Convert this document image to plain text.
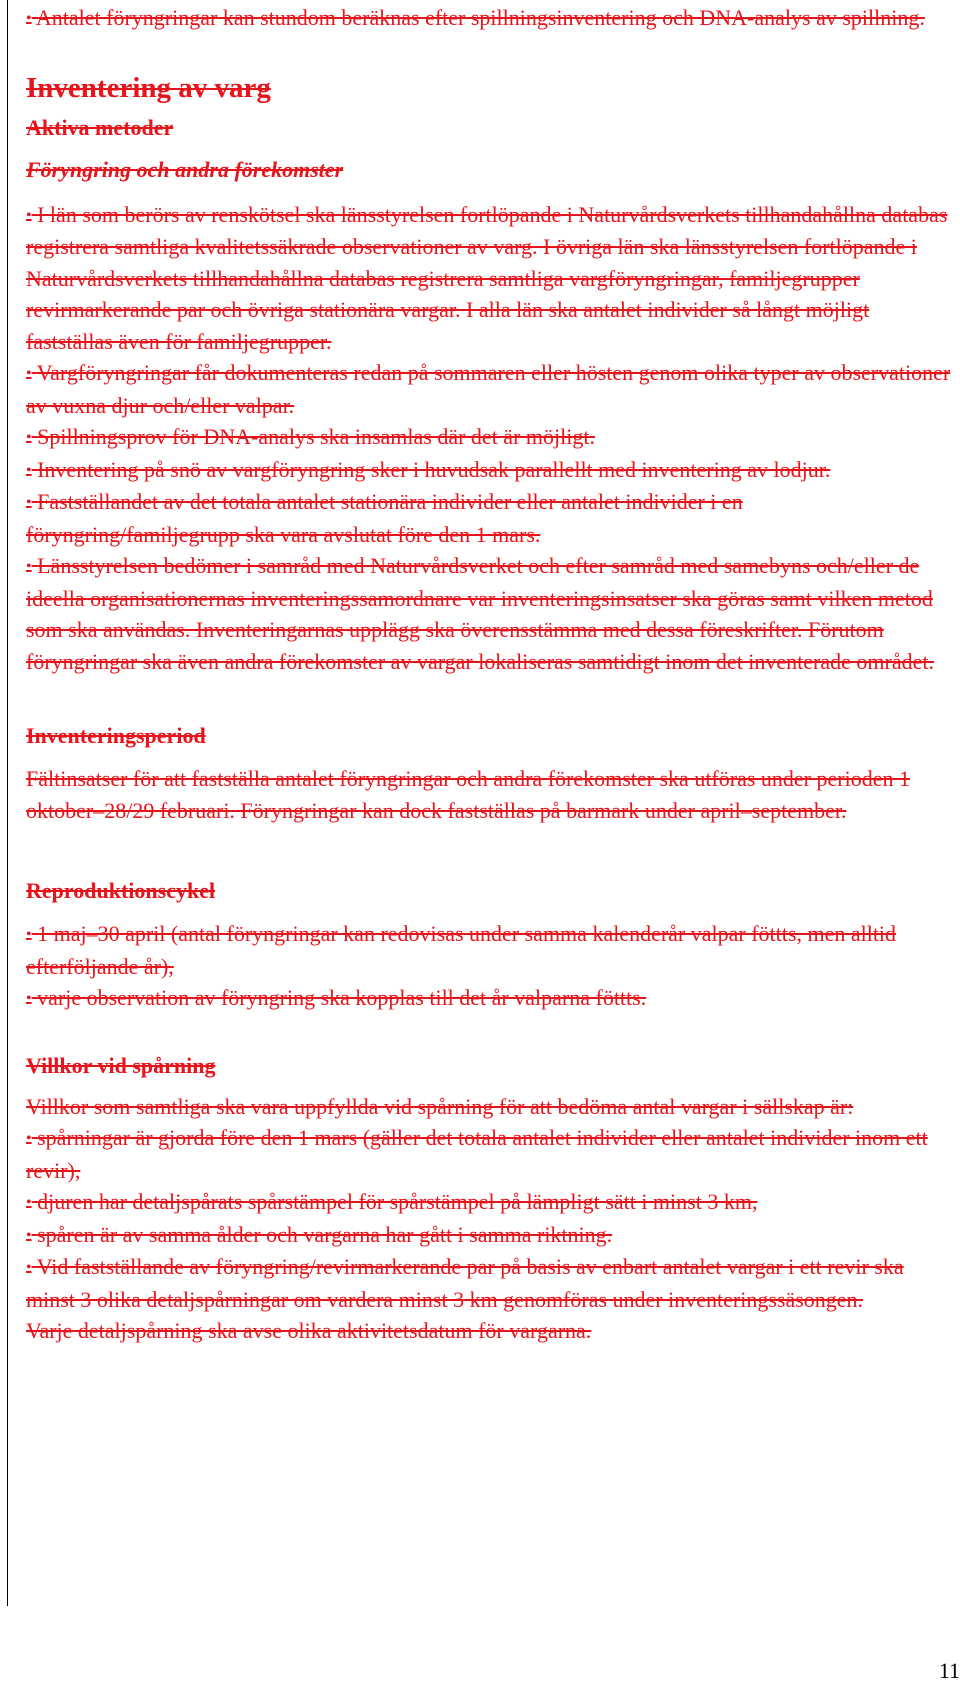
• Antalet föryngringar kan stundom beräknas efter spillningsinventering och DNA-analys av spillning.

Inventering av varg
Aktiva metoder
Föryngring och andra förekomster

• I län som berörs av renskötsel ska länsstyrelsen fortlöpande i Naturvårdsverkets tillhandahållna databas registrera samtliga kvalitetssäkrade observationer av varg. I övriga län ska länsstyrelsen fortlöpande i Naturvårdsverkets tillhandahållna databas registrera samtliga vargföryngringar, familjegrupper revirmarkerande par och övriga stationära vargar. I alla län ska antalet individer så långt möjligt fastställas även för familjegrupper.

• Vargföryngringar får dokumenteras redan på sommaren eller hösten genom olika typer av observationer av vuxna djur och/eller valpar.

• Spillningsprov för DNA-analys ska insamlas där det är möjligt.

• Inventering på snö av vargföryngring sker i huvudsak parallellt med inventering av lodjur.

• Fastställandet av det totala antalet stationära individer eller antalet individer i en föryngring/familjegrupp ska vara avslutat före den 1 mars.

• Länsstyrelsen bedömer i samråd med Naturvårdsverket och efter samråd med samebyns och/eller de ideella organisationernas inventeringssamordnare var inventeringsinsatser ska göras samt vilken metod som ska användas. Inventeringarnas upplägg ska överensstämma med dessa föreskrifter. Förutom föryngringar ska även andra förekomster av vargar lokaliseras samtidigt inom det inventerade området.

Inventeringsperiod

Fältinsatser för att fastställa antalet föryngringar och andra förekomster ska utföras under perioden 1 oktober–28/29 februari. Föryngringar kan dock fastställas på barmark under april–september.

Reproduktionscykel

• 1 maj–30 april (antal föryngringar kan redovisas under samma kalenderår valpar föttts, men alltid efterföljande år),

• varje observation av föryngring ska kopplas till det år valparna föttts.

Villkor vid spårning

Villkor som samtliga ska vara uppfyllda vid spårning för att bedöma antal vargar i sällskap är:

• spårningar är gjorda före den 1 mars (gäller det totala antalet individer eller antalet individer inom ett revir),

• djuren har detaljspårats spårstämpel för spårstämpel på lämpligt sätt i minst 3 km,

• spåren är av samma ålder och vargarna har gått i samma riktning.

• Vid fastställande av föryngring/revirmarkerande par på basis av enbart antalet vargar i ett revir ska minst 3 olika detaljspårningar om vardera minst 3 km genomföras under inventeringssäsongen. Varje detaljspårning ska avse olika aktivitetsdatum för vargarna.

11
